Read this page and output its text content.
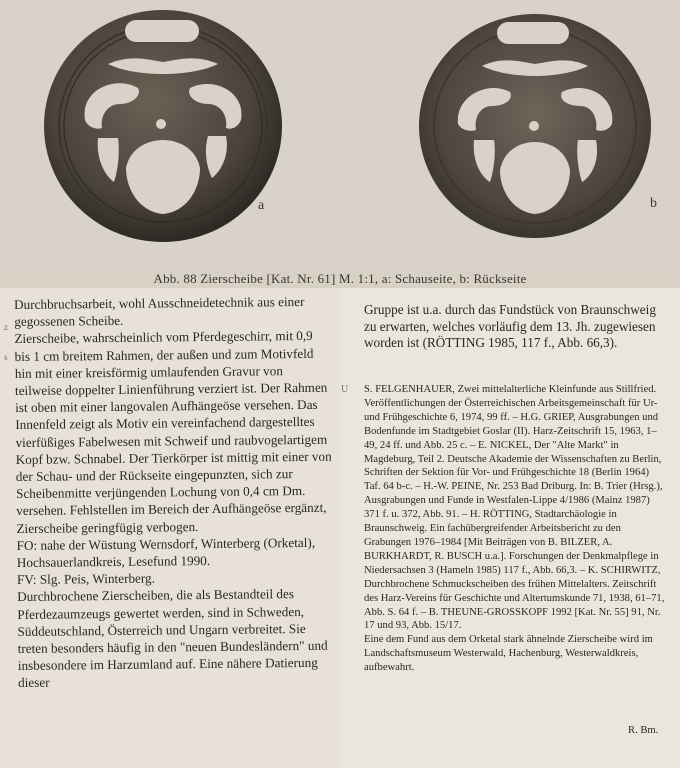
a	b
Abb. 88 Zierscheibe [Kat. Nr. 61] M. 1:1, a: Schauseite, b: Rückseite
z
s

Durchbruchsarbeit, wohl Ausschneidetechnik aus einer gegossenen Scheibe.

Zierscheibe, wahrscheinlich vom Pferdegeschirr, mit 0,9 bis 1 cm breitem Rahmen, der außen und zum Motivfeld hin mit einer kreisförmig umlaufenden Gravur von teilweise doppelter Linienführung verziert ist. Der Rahmen ist oben mit einer langovalen Aufhängeöse versehen. Das Innenfeld zeigt als Motiv ein vereinfachend dargestelltes vierfüßiges Fabelwesen mit Schweif und raubvogelartigem Kopf bzw. Schnabel. Der Tierkörper ist mittig mit einer von der Schau- und der Rückseite eingepunzten, sich zur Scheibenmitte verjüngenden Lochung von 0,4 cm Dm. versehen. Fehlstellen im Bereich der Aufhängeöse ergänzt, Zierscheibe geringfügig verbogen.

FO: nahe der Wüstung Wernsdorf, Winterberg (Orketal), Hochsauerlandkreis, Lesefund 1990.

FV: Slg. Peis, Winterberg.

Durchbrochene Zierscheiben, die als Bestandteil des Pferdezaumzeugs gewertet werden, sind in Schweden, Süddeutschland, Österreich und Ungarn verbreitet. Sie treten besonders häufig in den "neuen Bundesländern" und insbesondere im Harzumland auf. Eine nähere Datierung dieser

Gruppe ist u.a. durch das Fundstück von Braunschweig zu erwarten, welches vorläufig dem 13. Jh. zugewiesen worden ist (RÖTTING 1985, 117 f., Abb. 66,3).

U S. FELGENHAUER, Zwei mittelalterliche Kleinfunde aus Stillfried. Veröffentlichungen der Österreichischen Arbeitsgemeinschaft für Ur- und Frühgeschichte 6, 1974, 99 ff. – H.G. GRIEP, Ausgrabungen und Bodenfunde im Stadtgebiet Goslar (II). Harz-Zeitschrift 15, 1963, 1–49, 24 ff. und Abb. 25 c. – E. NICKEL, Der "Alte Markt" in Magdeburg, Teil 2. Deutsche Akademie der Wissenschaften zu Berlin, Schriften der Sektion für Vor- und Frühgeschichte 18 (Berlin 1964) Taf. 64 b-c. – H.-W. PEINE, Nr. 253 Bad Driburg. In: B. Trier (Hrsg.), Ausgrabungen und Funde in Westfalen-Lippe 4/1986 (Mainz 1987) 371 f. u. 372, Abb. 91. – H. RÖTTING, Stadtarchäologie in Braunschweig. Ein fachübergreifender Arbeitsbericht zu den Grabungen 1976–1984 [Mit Beiträgen von B. BILZER, A. BURKHARDT, R. BUSCH u.a.]. Forschungen der Denkmalpflege in Niedersachsen 3 (Hameln 1985) 117 f., Abb. 66,3. – K. SCHIRWITZ, Durchbrochene Schmuckscheiben des frühen Mittelalters. Zeitschrift des Harz-Vereins für Geschichte und Altertumskunde 71, 1938, 61–71, Abb. S. 64 f. – B. THEUNE-GROSSKOPF 1992 [Kat. Nr. 55] 91, Nr. 17 und 93, Abb. 15/17.

Eine dem Fund aus dem Orketal stark ähnelnde Zierscheibe wird im Landschaftsmuseum Westerwald, Hachenburg, Westerwaldkreis, aufbewahrt.

R. Bm.
